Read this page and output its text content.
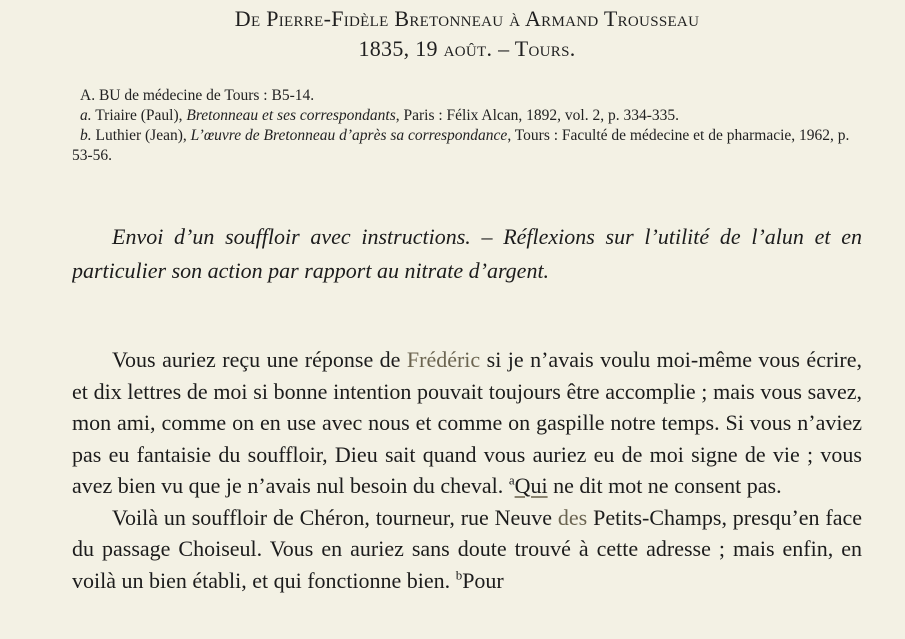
De Pierre-Fidèle Bretonneau à Armand Trousseau
1835, 19 août. – Tours.

A. BU de médecine de Tours : B5-14.

a. Triaire (Paul), Bretonneau et ses correspondants, Paris : Félix Alcan, 1892, vol. 2, p. 334-335.

b. Luthier (Jean), L’œuvre de Bretonneau d’après sa correspondance, Tours : Faculté de médecine et de pharmacie, 1962, p. 53-56.

Envoi d’un souffloir avec instructions. – Réflexions sur l’utilité de l’alun et en particulier son action par rapport au nitrate d’argent.

Vous auriez reçu une réponse de Frédéric si je n’avais voulu moi-même vous écrire, et dix lettres de moi si bonne intention pouvait toujours être accomplie ; mais vous savez, mon ami, comme on en use avec nous et comme on gaspille notre temps. Si vous n’aviez pas eu fantaisie du souffloir, Dieu sait quand vous auriez eu de moi signe de vie ; vous avez bien vu que je n’avais nul besoin du cheval. $^a$Qui ne dit mot ne consent pas.

Voilà un souffloir de Chéron, tourneur, rue Neuve des Petits-Champs, presqu’en face du passage Choiseul. Vous en auriez sans doute trouvé à cette adresse ; mais enfin, en voilà un bien établi, et qui fonctionne bien. $^b$Pour
